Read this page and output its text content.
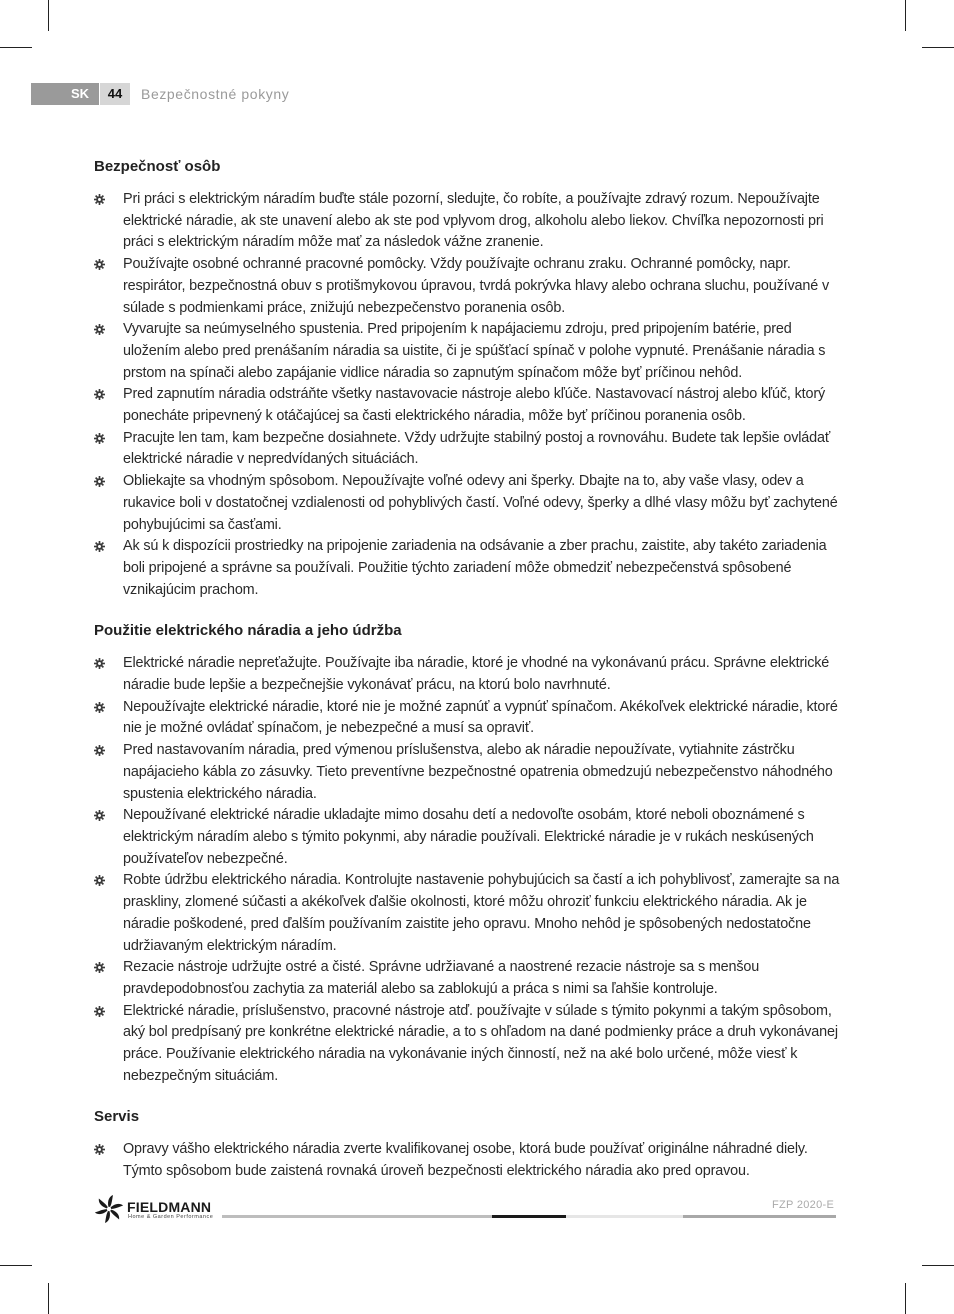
SK	44	Bezpečnostné pokyny
Bezpečnosť osôb
Pri práci s elektrickým náradím buďte stále pozorní, sledujte, čo robíte, a používajte zdravý rozum. Nepoužívajte elektrické náradie, ak ste unavení alebo ak ste pod vplyvom drog, alkoholu alebo liekov. Chvíľka nepozornosti pri práci s elektrickým náradím môže mať za následok vážne zranenie.
Používajte osobné ochranné pracovné pomôcky. Vždy používajte ochranu zraku. Ochranné pomôcky, napr. respirátor, bezpečnostná obuv s protišmykovou úpravou, tvrdá pokrývka hlavy alebo ochrana sluchu, používané v súlade s podmienkami práce, znižujú nebezpečenstvo poranenia osôb.
Vyvarujte sa neúmyselného spustenia. Pred pripojením k napájaciemu zdroju, pred pripojením batérie, pred uložením alebo pred prenášaním náradia sa uistite, či je spúšťací spínač v polohe vypnuté. Prenášanie náradia s prstom na spínači alebo zapájanie vidlice náradia so zapnutým spínačom môže byť príčinou nehôd.
Pred zapnutím náradia odstráňte všetky nastavovacie nástroje alebo kľúče. Nastavovací nástroj alebo kľúč, ktorý ponecháte pripevnený k otáčajúcej sa časti elektrického náradia, môže byť príčinou poranenia osôb.
Pracujte len tam, kam bezpečne dosiahnete. Vždy udržujte stabilný postoj a rovnováhu. Budete tak lepšie ovládať elektrické náradie v nepredvídaných situáciách.
Obliekajte sa vhodným spôsobom. Nepoužívajte voľné odevy ani šperky. Dbajte na to, aby vaše vlasy, odev a rukavice boli v dostatočnej vzdialenosti od pohyblivých častí. Voľné odevy, šperky a dlhé vlasy môžu byť zachytené pohybujúcimi sa časťami.
Ak sú k dispozícii prostriedky na pripojenie zariadenia na odsávanie a zber prachu, zaistite, aby takéto zariadenia boli pripojené a správne sa používali. Použitie týchto zariadení môže obmedziť nebezpečenstvá spôsobené vznikajúcim prachom.
Použitie elektrického náradia a jeho údržba
Elektrické náradie nepreťažujte. Používajte iba náradie, ktoré je vhodné na vykonávanú prácu. Správne elektrické náradie bude lepšie a bezpečnejšie vykonávať prácu, na ktorú bolo navrhnuté.
Nepoužívajte elektrické náradie, ktoré nie je možné zapnúť a vypnúť spínačom. Akékoľvek elektrické náradie, ktoré nie je možné ovládať spínačom, je nebezpečné a musí sa opraviť.
Pred nastavovaním náradia, pred výmenou príslušenstva, alebo ak náradie nepoužívate, vytiahnite zástrčku napájacieho kábla zo zásuvky. Tieto preventívne bezpečnostné opatrenia obmedzujú nebezpečenstvo náhodného spustenia elektrického náradia.
Nepoužívané elektrické náradie ukladajte mimo dosahu detí a nedovoľte osobám, ktoré neboli oboznámené s elektrickým náradím alebo s týmito pokynmi, aby náradie používali. Elektrické náradie je v rukách neskúsených používateľov nebezpečné.
Robte údržbu elektrického náradia. Kontrolujte nastavenie pohybujúcich sa častí a ich pohyblivosť, zamerajte sa na praskliny, zlomené súčasti a akékoľvek ďalšie okolnosti, ktoré môžu ohroziť funkciu elektrického náradia. Ak je náradie poškodené, pred ďalším používaním zaistite jeho opravu. Mnoho nehôd je spôsobených nedostatočne udržiavaným elektrickým náradím.
Rezacie nástroje udržujte ostré a čisté. Správne udržiavané a naostrené rezacie nástroje sa s menšou pravdepodobnosťou zachytia za materiál alebo sa zablokujú a práca s nimi sa ľahšie kontroluje.
Elektrické náradie, príslušenstvo, pracovné nástroje atď. používajte v súlade s týmito pokynmi a takým spôsobom, aký bol predpísaný pre konkrétne elektrické náradie, a to s ohľadom na dané podmienky práce a druh vykonávanej práce. Používanie elektrického náradia na vykonávanie iných činností, než na aké bolo určené, môže viesť k nebezpečným situáciám.
Servis
Opravy vášho elektrického náradia zverte kvalifikovanej osobe, ktorá bude používať originálne náhradné diely. Týmto spôsobom bude zaistená rovnaká úroveň bezpečnosti elektrického náradia ako pred opravou.
FIELDMANN
Home & Garden Performance
FZP 2020-E
